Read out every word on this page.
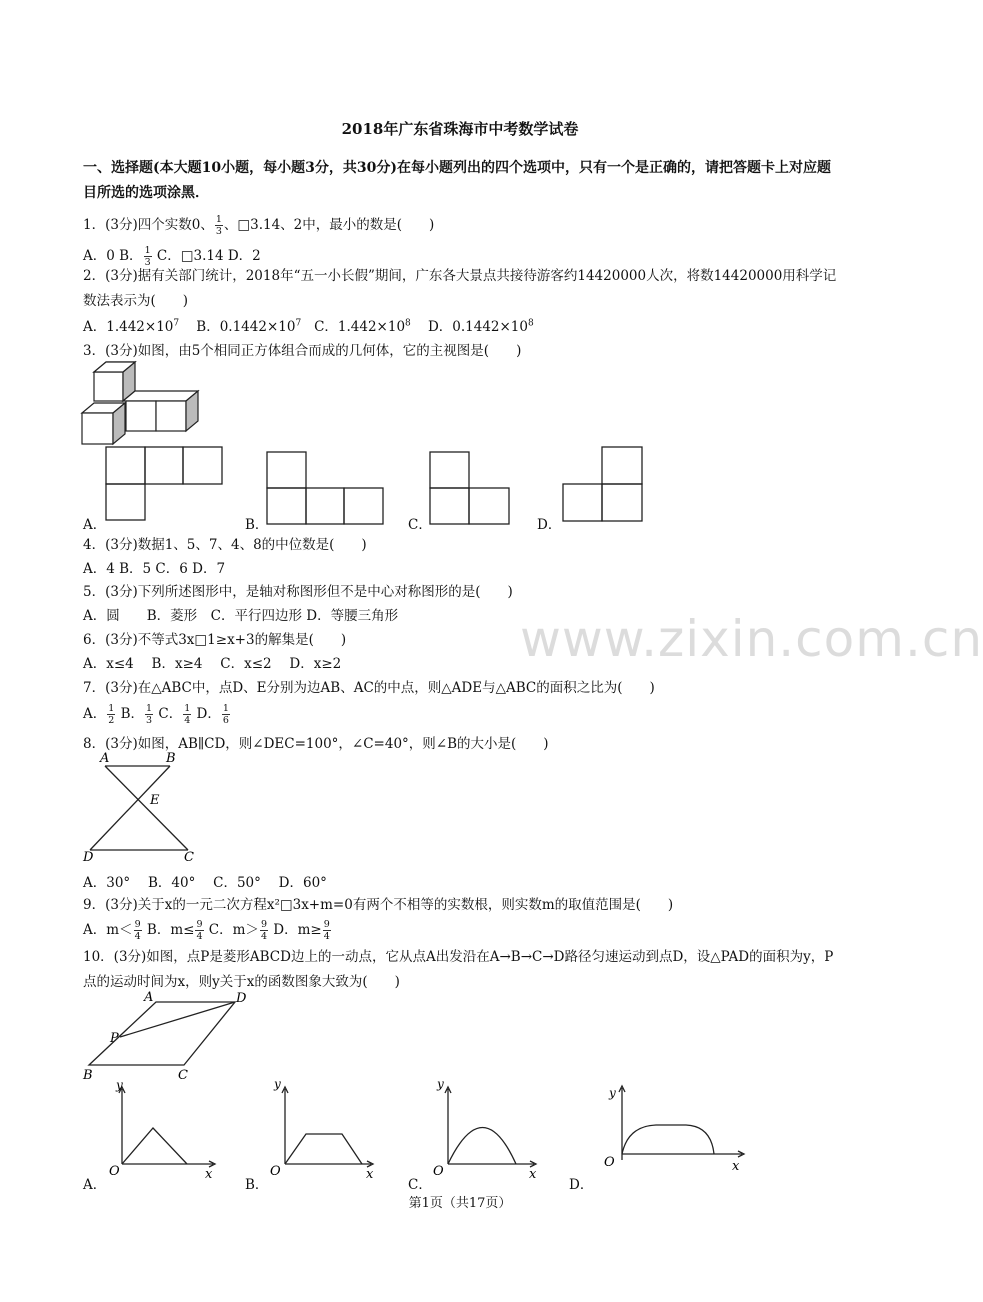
2018年广东省珠海市中考数学试卷
一、选择题(本大题10小题，每小题3分，共30分)在每小题列出的四个选项中，只有一个是正确的，请把答题卡上对应题目所选的选项涂黑．
1．(3分)四个实数0、 $\frac{1}{3}$ 、□3.14、2中，最小的数是(　　)
A．0 B． $\frac{1}{3}$ C．□3.14 D．2
2．(3分)据有关部门统计，2018年“五一小长假”期间，广东各大景点共接待游客约14420000人次，将数14420000用科学记数法表示为(　　)
A．$1.442\times 10^7$ B．$0.1442\times 10^7$ C．$1.442\times 10^8$ D．$0.1442\times 10^8$
3．(3分)如图，由5个相同正方体组合而成的几何体，它的主视图是(　　)
A．	B．	C．	D．
4．(3分)数据1、5、7、4、8的中位数是(　　)
A．4 B．5 C．6 D．7
5．(3分)下列所述图形中，是轴对称图形但不是中心对称图形的是(　　)
A．圆　　B．菱形　C．平行四边形 D．等腰三角形
6．(3分)不等式3x□1≥x+3的解集是(　　)
A．x≤4　 B．x≥4　 C．x≤2　 D．x≥2
7．(3分)在△ABC中，点D、E分别为边AB、AC的中点，则△ADE与△ABC的面积之比为(　　)
A． $\frac{1}{2}$ B． $\frac{1}{3}$ C． $\frac{1}{4}$ D． $\frac{1}{6}$
8．(3分)如图，AB∥CD，则∠DEC=100°，∠C=40°，则∠B的大小是(　　)
A	B
E
D	C
A．30°　 B．40°　 C．50°　 D．60°
9．(3分)关于x的一元二次方程x²□3x+m=0有两个不相等的实数根，则实数m的取值范围是(　　)
A．$m< \frac{9}{4}$ B．$m\le \frac{9}{4}$ C．$m> \frac{9}{4}$ D．$m\ge \frac{9}{4}$
10．(3分)如图，点P是菱形ABCD边上的一动点，它从点A出发沿在A→B→C→D路径匀速运动到点D，设△PAD的面积为y，P点的运动时间为x，则y关于x的函数图象大致为(　　)
A	D
P
B	C
A．
y
x
O
B．
y
x
O
C．
y
x
O
D．
y
x
O
www.zixin.com.cn
第1页（共17页）
